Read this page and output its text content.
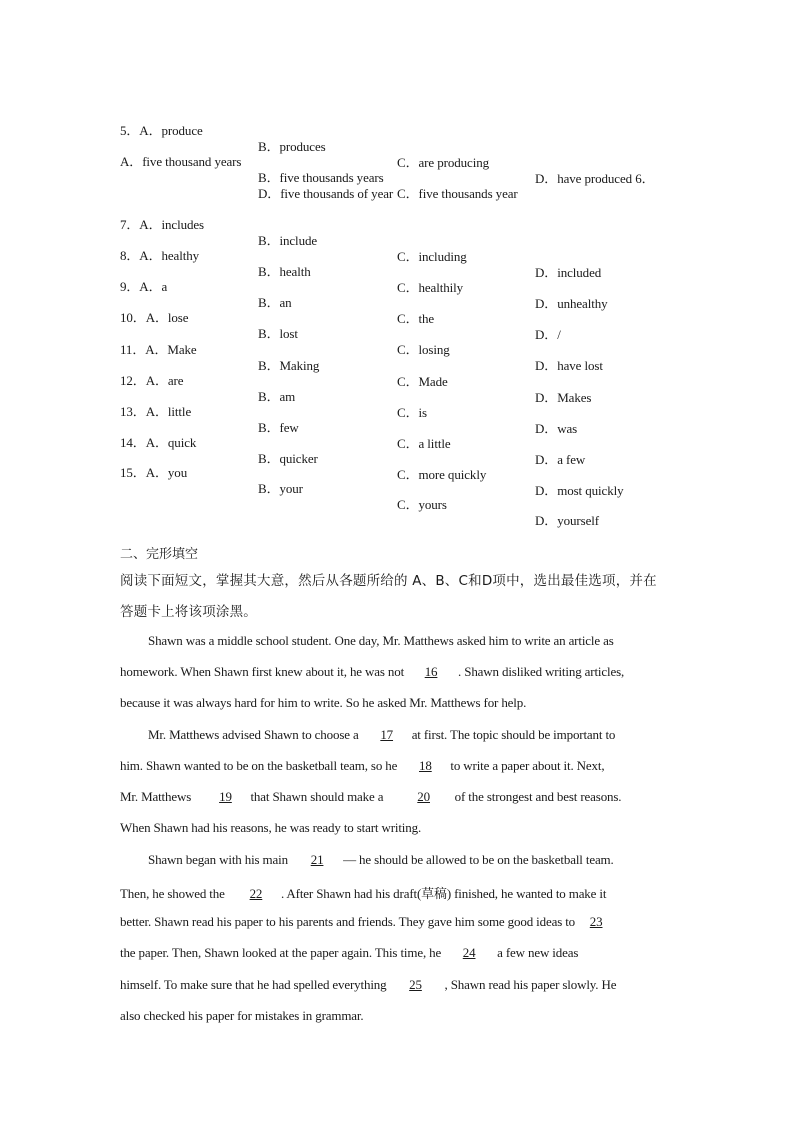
5．A．produce

B．produces

C．are producing

D．have produced 6．

A．five thousand years

B．five thousands years

C．five thousands year

D．five thousands of year

7．A．includes

B．include

C．including

D．included

8．A．healthy

B．health

C．healthily

D．unhealthy

9．A．a

B．an

C．the

D．/

10．A．lose

B．lost

C．losing

D．have lost

11．A．Make

B．Making

C．Made

D．Makes

12．A．are

B．am

C．is

D．was

13．A．little

B．few

C．a little

D．a few

14．A．quick

B．quicker

C．more quickly

D．most quickly

15．A．you

B．your

C．yours

D．yourself

二、完形填空
阅读下面短文，掌握其大意，然后从各题所给的 A、B、C和D项中，选出最佳选项，并在
答题卡上将该项涂黑。
Shawn was a middle school student. One day, Mr. Matthews asked him to write an article as
homework. When Shawn first knew about it, he was not 16 . Shawn disliked writing articles,
because it was always hard for him to write. So he asked Mr. Matthews for help.
Mr. Matthews advised Shawn to choose a 17 at first. The topic should be important to
him. Shawn wanted to be on the basketball team, so he 18 to write a paper about it. Next,
Mr. Matthews 19 that Shawn should make a	20 of the strongest and best reasons.
When Shawn had his reasons, he was ready to start writing.
Shawn began with his main 21 — he should be allowed to be on the basketball team.
Then, he showed the 22 . After Shawn had his draft(草稿) finished, he wanted to make it
better. Shawn read his paper to his parents and friends. They gave him some good ideas to 23
the paper. Then, Shawn looked at the paper again. This time, he 24 a few new ideas
himself. To make sure that he had spelled everything 25 , Shawn read his paper slowly. He
also checked his paper for mistakes in grammar.
